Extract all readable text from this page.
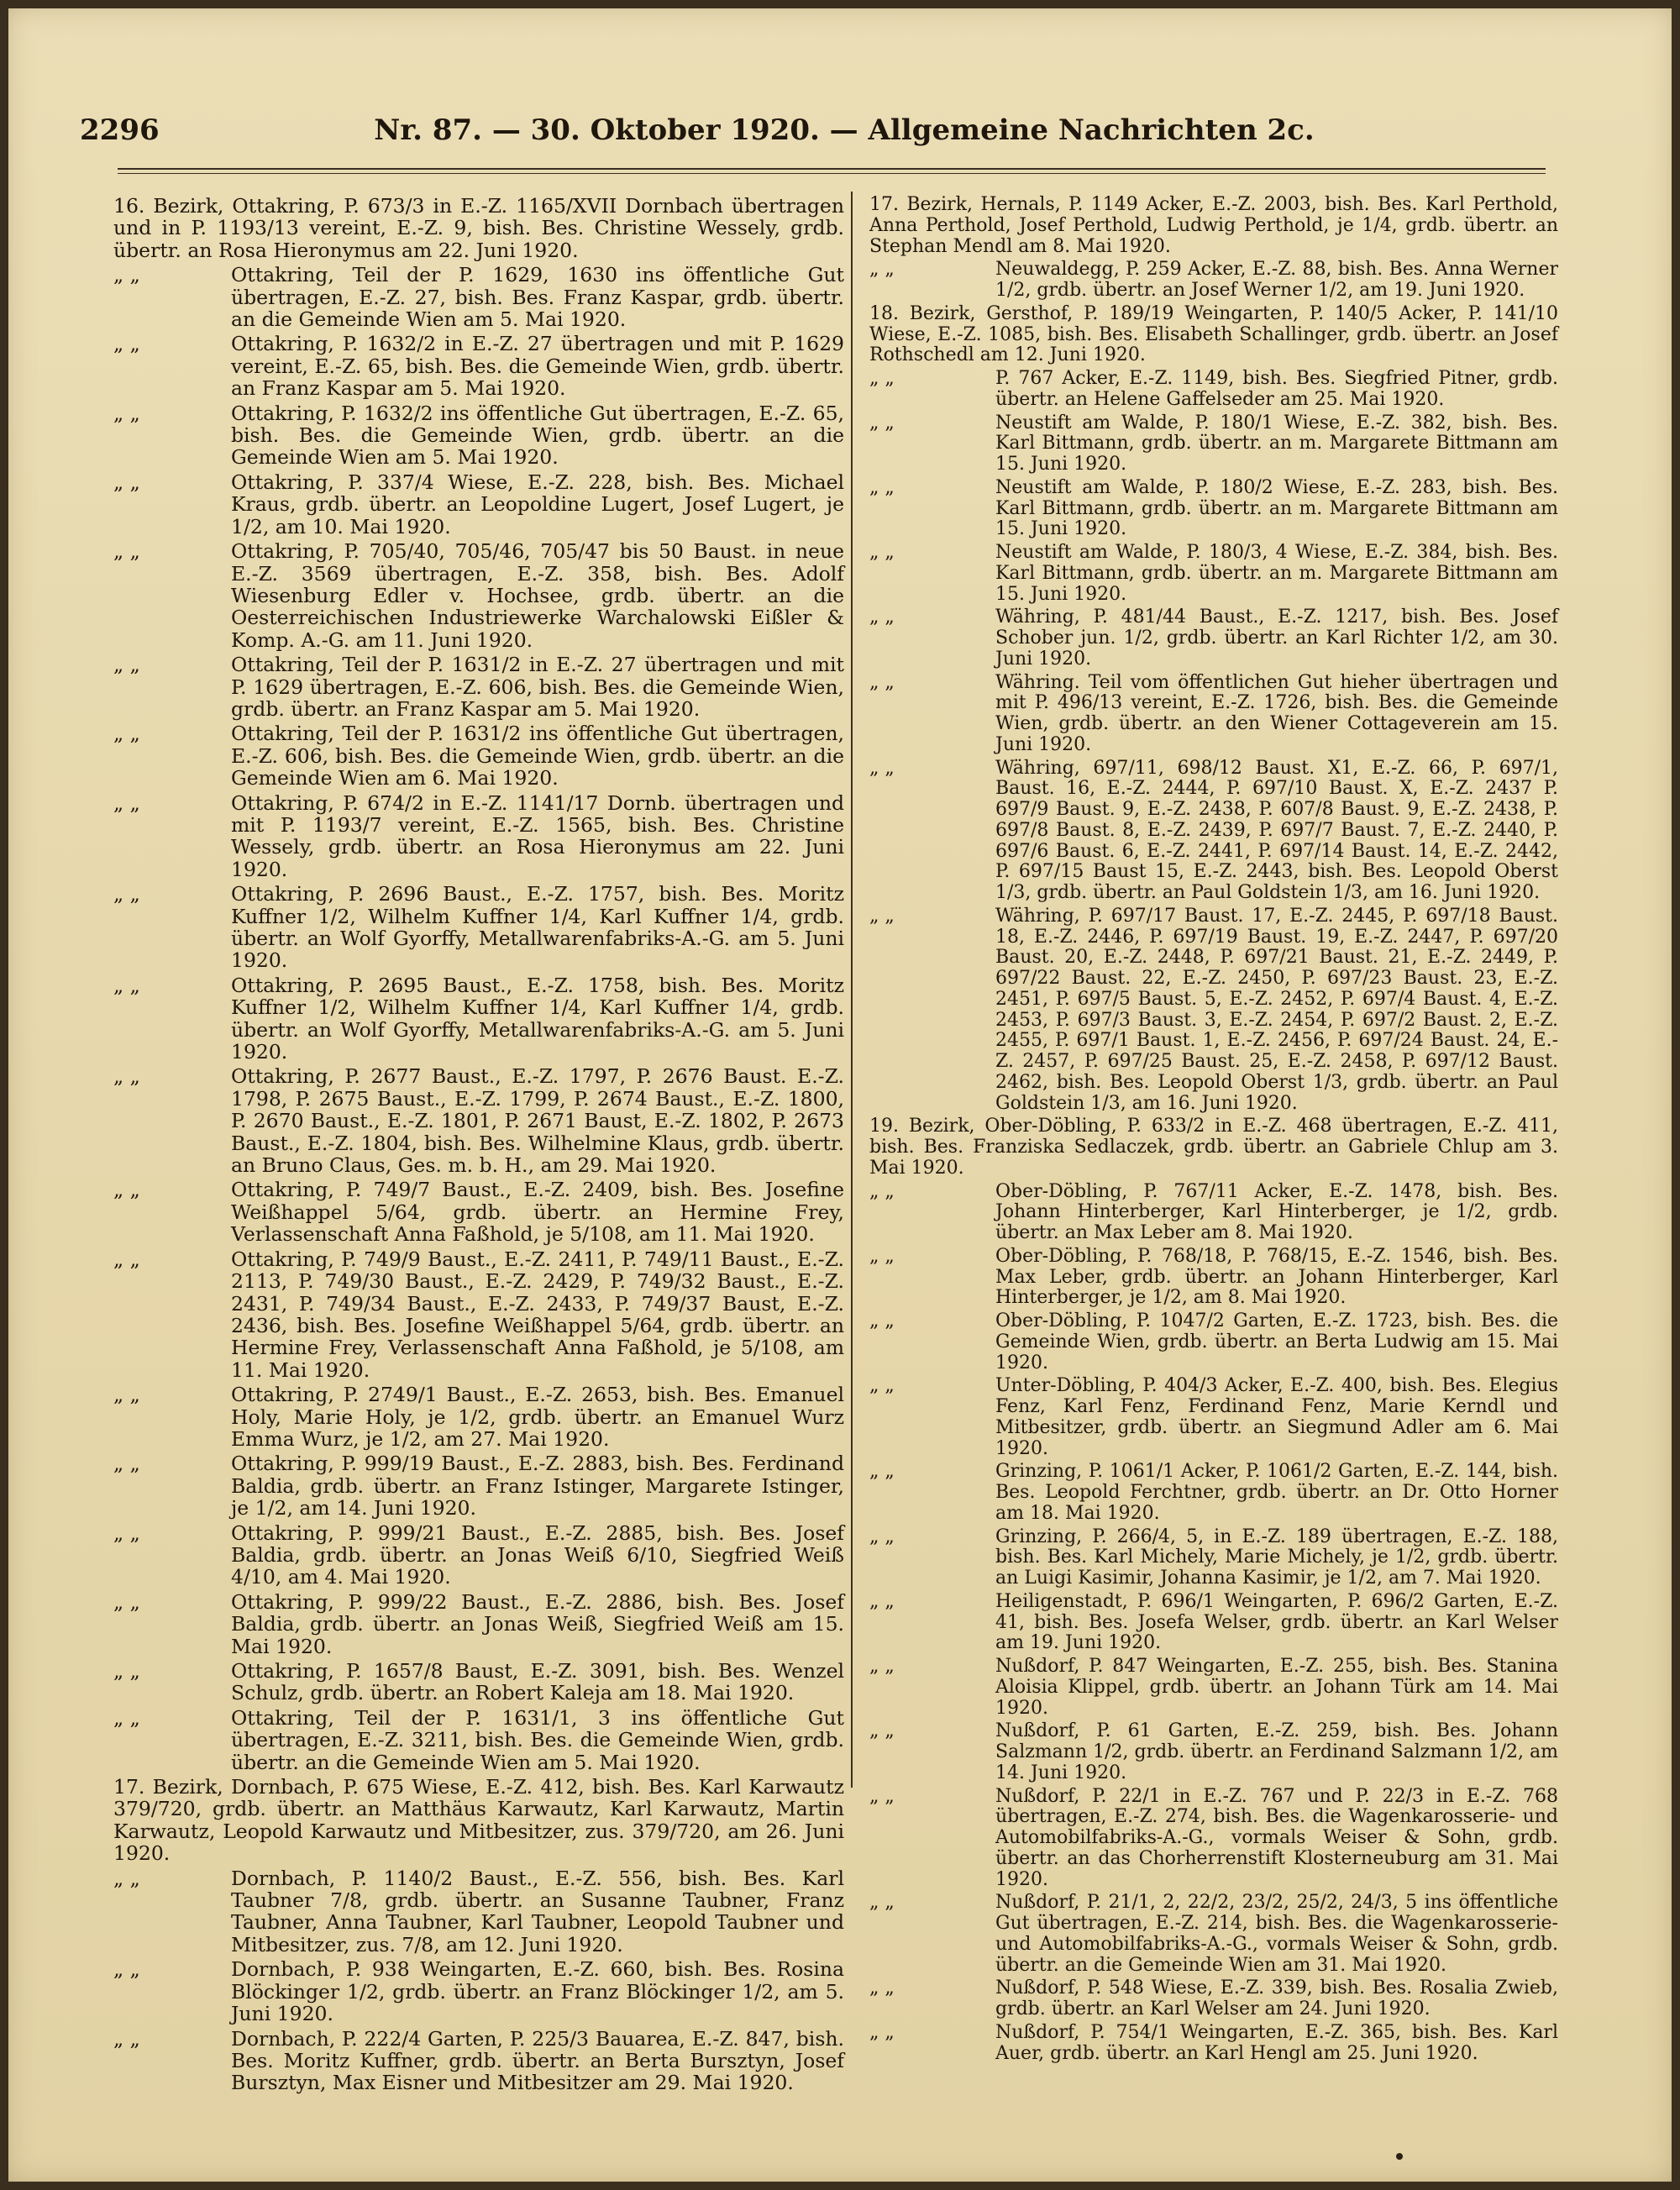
2296	Nr. 87. — 30. Oktober 1920. — Allgemeine Nachrichten 2c.
16. Bezirk, Ottakring, P. 673/3 in E.-Z. 1165/XVII Dornbach übertragen und in P. 1193/13 vereint, E.-Z. 9, bish. Bes. Christine Wessely, grdb. übertr. an Rosa Hieronymus am 22. Juni 1920.
„ „	Ottakring, Teil der P. 1629, 1630 ins öffentliche Gut übertragen, E.-Z. 27, bish. Bes. Franz Kaspar, grdb. übertr. an die Gemeinde Wien am 5. Mai 1920.
„ „	Ottakring, P. 1632/2 in E.-Z. 27 übertragen und mit P. 1629 vereint, E.-Z. 65, bish. Bes. die Gemeinde Wien, grdb. übertr. an Franz Kaspar am 5. Mai 1920.
„ „	Ottakring, P. 1632/2 ins öffentliche Gut übertragen, E.-Z. 65, bish. Bes. die Gemeinde Wien, grdb. übertr. an die Gemeinde Wien am 5. Mai 1920.
„ „	Ottakring, P. 337/4 Wiese, E.-Z. 228, bish. Bes. Michael Kraus, grdb. übertr. an Leopoldine Lugert, Josef Lugert, je 1/2, am 10. Mai 1920.
„ „	Ottakring, P. 705/40, 705/46, 705/47 bis 50 Baust. in neue E.-Z. 3569 übertragen, E.-Z. 358, bish. Bes. Adolf Wiesenburg Edler v. Hochsee, grdb. übertr. an die Oesterreichischen Industriewerke Warchalowski Eißler & Komp. A.-G. am 11. Juni 1920.
„ „	Ottakring, Teil der P. 1631/2 in E.-Z. 27 übertragen und mit P. 1629 übertragen, E.-Z. 606, bish. Bes. die Gemeinde Wien, grdb. übertr. an Franz Kaspar am 5. Mai 1920.
„ „	Ottakring, Teil der P. 1631/2 ins öffentliche Gut übertragen, E.-Z. 606, bish. Bes. die Gemeinde Wien, grdb. übertr. an die Gemeinde Wien am 6. Mai 1920.
„ „	Ottakring, P. 674/2 in E.-Z. 1141/17 Dornb. übertragen und mit P. 1193/7 vereint, E.-Z. 1565, bish. Bes. Christine Wessely, grdb. übertr. an Rosa Hieronymus am 22. Juni 1920.
„ „	Ottakring, P. 2696 Baust., E.-Z. 1757, bish. Bes. Moritz Kuffner 1/2, Wilhelm Kuffner 1/4, Karl Kuffner 1/4, grdb. übertr. an Wolf Gyorffy, Metallwarenfabriks-A.-G. am 5. Juni 1920.
„ „	Ottakring, P. 2695 Baust., E.-Z. 1758, bish. Bes. Moritz Kuffner 1/2, Wilhelm Kuffner 1/4, Karl Kuffner 1/4, grdb. übertr. an Wolf Gyorffy, Metallwarenfabriks-A.-G. am 5. Juni 1920.
„ „	Ottakring, P. 2677 Baust., E.-Z. 1797, P. 2676 Baust. E.-Z. 1798, P. 2675 Baust., E.-Z. 1799, P. 2674 Baust., E.-Z. 1800, P. 2670 Baust., E.-Z. 1801, P. 2671 Baust, E.-Z. 1802, P. 2673 Baust., E.-Z. 1804, bish. Bes. Wilhelmine Klaus, grdb. übertr. an Bruno Claus, Ges. m. b. H., am 29. Mai 1920.
„ „	Ottakring, P. 749/7 Baust., E.-Z. 2409, bish. Bes. Josefine Weißhappel 5/64, grdb. übertr. an Hermine Frey, Verlassenschaft Anna Faßhold, je 5/108, am 11. Mai 1920.
„ „	Ottakring, P. 749/9 Baust., E.-Z. 2411, P. 749/11 Baust., E.-Z. 2113, P. 749/30 Baust., E.-Z. 2429, P. 749/32 Baust., E.-Z. 2431, P. 749/34 Baust., E.-Z. 2433, P. 749/37 Baust, E.-Z. 2436, bish. Bes. Josefine Weißhappel 5/64, grdb. übertr. an Hermine Frey, Verlassenschaft Anna Faßhold, je 5/108, am 11. Mai 1920.
„ „	Ottakring, P. 2749/1 Baust., E.-Z. 2653, bish. Bes. Emanuel Holy, Marie Holy, je 1/2, grdb. übertr. an Emanuel Wurz Emma Wurz, je 1/2, am 27. Mai 1920.
„ „	Ottakring, P. 999/19 Baust., E.-Z. 2883, bish. Bes. Ferdinand Baldia, grdb. übertr. an Franz Istinger, Margarete Istinger, je 1/2, am 14. Juni 1920.
„ „	Ottakring, P. 999/21 Baust., E.-Z. 2885, bish. Bes. Josef Baldia, grdb. übertr. an Jonas Weiß 6/10, Siegfried Weiß 4/10, am 4. Mai 1920.
„ „	Ottakring, P. 999/22 Baust., E.-Z. 2886, bish. Bes. Josef Baldia, grdb. übertr. an Jonas Weiß, Siegfried Weiß am 15. Mai 1920.
„ „	Ottakring, P. 1657/8 Baust, E.-Z. 3091, bish. Bes. Wenzel Schulz, grdb. übertr. an Robert Kaleja am 18. Mai 1920.
„ „	Ottakring, Teil der P. 1631/1, 3 ins öffentliche Gut übertragen, E.-Z. 3211, bish. Bes. die Gemeinde Wien, grdb. übertr. an die Gemeinde Wien am 5. Mai 1920.
17. Bezirk, Dornbach, P. 675 Wiese, E.-Z. 412, bish. Bes. Karl Karwautz 379/720, grdb. übertr. an Matthäus Karwautz, Karl Karwautz, Martin Karwautz, Leopold Karwautz und Mitbesitzer, zus. 379/720, am 26. Juni 1920.
„ „	Dornbach, P. 1140/2 Baust., E.-Z. 556, bish. Bes. Karl Taubner 7/8, grdb. übertr. an Susanne Taubner, Franz Taubner, Anna Taubner, Karl Taubner, Leopold Taubner und Mitbesitzer, zus. 7/8, am 12. Juni 1920.
„ „	Dornbach, P. 938 Weingarten, E.-Z. 660, bish. Bes. Rosina Blöckinger 1/2, grdb. übertr. an Franz Blöckinger 1/2, am 5. Juni 1920.
„ „	Dornbach, P. 222/4 Garten, P. 225/3 Bauarea, E.-Z. 847, bish. Bes. Moritz Kuffner, grdb. übertr. an Berta Bursztyn, Josef Bursztyn, Max Eisner und Mitbesitzer am 29. Mai 1920.
17. Bezirk, Hernals, P. 1149 Acker, E.-Z. 2003, bish. Bes. Karl Perthold, Anna Perthold, Josef Perthold, Ludwig Perthold, je 1/4, grdb. übertr. an Stephan Mendl am 8. Mai 1920.
„ „	Neuwaldegg, P. 259 Acker, E.-Z. 88, bish. Bes. Anna Werner 1/2, grdb. übertr. an Josef Werner 1/2, am 19. Juni 1920.
18. Bezirk, Gersthof, P. 189/19 Weingarten, P. 140/5 Acker, P. 141/10 Wiese, E.-Z. 1085, bish. Bes. Elisabeth Schallinger, grdb. übertr. an Josef Rothschedl am 12. Juni 1920.
„ „	P. 767 Acker, E.-Z. 1149, bish. Bes. Siegfried Pitner, grdb. übertr. an Helene Gaffelseder am 25. Mai 1920.
„ „	Neustift am Walde, P. 180/1 Wiese, E.-Z. 382, bish. Bes. Karl Bittmann, grdb. übertr. an m. Margarete Bittmann am 15. Juni 1920.
„ „	Neustift am Walde, P. 180/2 Wiese, E.-Z. 283, bish. Bes. Karl Bittmann, grdb. übertr. an m. Margarete Bittmann am 15. Juni 1920.
„ „	Neustift am Walde, P. 180/3, 4 Wiese, E.-Z. 384, bish. Bes. Karl Bittmann, grdb. übertr. an m. Margarete Bittmann am 15. Juni 1920.
„ „	Währing, P. 481/44 Baust., E.-Z. 1217, bish. Bes. Josef Schober jun. 1/2, grdb. übertr. an Karl Richter 1/2, am 30. Juni 1920.
„ „	Währing. Teil vom öffentlichen Gut hieher übertragen und mit P. 496/13 vereint, E.-Z. 1726, bish. Bes. die Gemeinde Wien, grdb. übertr. an den Wiener Cottageverein am 15. Juni 1920.
„ „	Währing, 697/11, 698/12 Baust. X1, E.-Z. 66, P. 697/1, Baust. 16, E.-Z. 2444, P. 697/10 Baust. X, E.-Z. 2437 P. 697/9 Baust. 9, E.-Z. 2438, P. 607/8 Baust. 9, E.-Z. 2438, P. 697/8 Baust. 8, E.-Z. 2439, P. 697/7 Baust. 7, E.-Z. 2440, P. 697/6 Baust. 6, E.-Z. 2441, P. 697/14 Baust. 14, E.-Z. 2442, P. 697/15 Baust 15, E.-Z. 2443, bish. Bes. Leopold Oberst 1/3, grdb. übertr. an Paul Goldstein 1/3, am 16. Juni 1920.
„ „	Währing, P. 697/17 Baust. 17, E.-Z. 2445, P. 697/18 Baust. 18, E.-Z. 2446, P. 697/19 Baust. 19, E.-Z. 2447, P. 697/20 Baust. 20, E.-Z. 2448, P. 697/21 Baust. 21, E.-Z. 2449, P. 697/22 Baust. 22, E.-Z. 2450, P. 697/23 Baust. 23, E.-Z. 2451, P. 697/5 Baust. 5, E.-Z. 2452, P. 697/4 Baust. 4, E.-Z. 2453, P. 697/3 Baust. 3, E.-Z. 2454, P. 697/2 Baust. 2, E.-Z. 2455, P. 697/1 Baust. 1, E.-Z. 2456, P. 697/24 Baust. 24, E.-Z. 2457, P. 697/25 Baust. 25, E.-Z. 2458, P. 697/12 Baust. 2462, bish. Bes. Leopold Oberst 1/3, grdb. übertr. an Paul Goldstein 1/3, am 16. Juni 1920.
19. Bezirk, Ober-Döbling, P. 633/2 in E.-Z. 468 übertragen, E.-Z. 411, bish. Bes. Franziska Sedlaczek, grdb. übertr. an Gabriele Chlup am 3. Mai 1920.
„ „	Ober-Döbling, P. 767/11 Acker, E.-Z. 1478, bish. Bes. Johann Hinterberger, Karl Hinterberger, je 1/2, grdb. übertr. an Max Leber am 8. Mai 1920.
„ „	Ober-Döbling, P. 768/18, P. 768/15, E.-Z. 1546, bish. Bes. Max Leber, grdb. übertr. an Johann Hinterberger, Karl Hinterberger, je 1/2, am 8. Mai 1920.
„ „	Ober-Döbling, P. 1047/2 Garten, E.-Z. 1723, bish. Bes. die Gemeinde Wien, grdb. übertr. an Berta Ludwig am 15. Mai 1920.
„ „	Unter-Döbling, P. 404/3 Acker, E.-Z. 400, bish. Bes. Elegius Fenz, Karl Fenz, Ferdinand Fenz, Marie Kerndl und Mitbesitzer, grdb. übertr. an Siegmund Adler am 6. Mai 1920.
„ „	Grinzing, P. 1061/1 Acker, P. 1061/2 Garten, E.-Z. 144, bish. Bes. Leopold Ferchtner, grdb. übertr. an Dr. Otto Horner am 18. Mai 1920.
„ „	Grinzing, P. 266/4, 5, in E.-Z. 189 übertragen, E.-Z. 188, bish. Bes. Karl Michely, Marie Michely, je 1/2, grdb. übertr. an Luigi Kasimir, Johanna Kasimir, je 1/2, am 7. Mai 1920.
„ „	Heiligenstadt, P. 696/1 Weingarten, P. 696/2 Garten, E.-Z. 41, bish. Bes. Josefa Welser, grdb. übertr. an Karl Welser am 19. Juni 1920.
„ „	Nußdorf, P. 847 Weingarten, E.-Z. 255, bish. Bes. Stanina Aloisia Klippel, grdb. übertr. an Johann Türk am 14. Mai 1920.
„ „	Nußdorf, P. 61 Garten, E.-Z. 259, bish. Bes. Johann Salzmann 1/2, grdb. übertr. an Ferdinand Salzmann 1/2, am 14. Juni 1920.
„ „	Nußdorf, P. 22/1 in E.-Z. 767 und P. 22/3 in E.-Z. 768 übertragen, E.-Z. 274, bish. Bes. die Wagenkarosserie- und Automobilfabriks-A.-G., vormals Weiser & Sohn, grdb. übertr. an das Chorherrenstift Klosterneuburg am 31. Mai 1920.
„ „	Nußdorf, P. 21/1, 2, 22/2, 23/2, 25/2, 24/3, 5 ins öffentliche Gut übertragen, E.-Z. 214, bish. Bes. die Wagenkarosserie- und Automobilfabriks-A.-G., vormals Weiser & Sohn, grdb. übertr. an die Gemeinde Wien am 31. Mai 1920.
„ „	Nußdorf, P. 548 Wiese, E.-Z. 339, bish. Bes. Rosalia Zwieb, grdb. übertr. an Karl Welser am 24. Juni 1920.
„ „	Nußdorf, P. 754/1 Weingarten, E.-Z. 365, bish. Bes. Karl Auer, grdb. übertr. an Karl Hengl am 25. Juni 1920.
